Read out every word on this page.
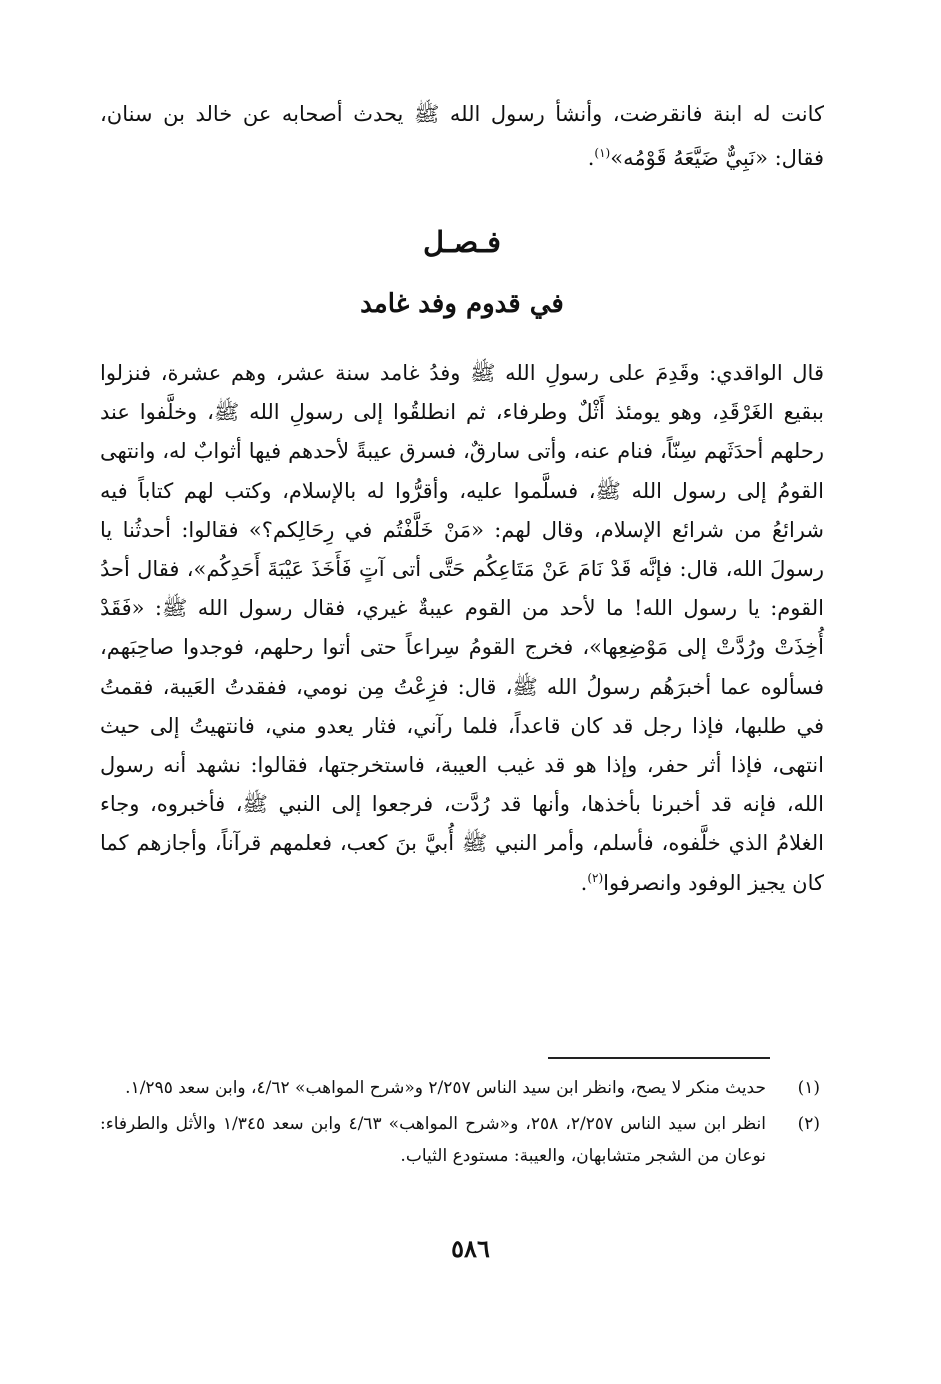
كانت له ابنة فانقرضت، وأنشأ رسول الله ﷺ يحدث أصحابه عن خالد بن سنان، فقال: «نَبِيٌّ ضَيَّعَهُ قَوْمُه»$^{(١)}$.
فـصـل
في قدوم وفد غامد

قال الواقدي: وقَدِمَ على رسولِ الله ﷺ وفدُ غامد سنة عشر، وهم عشرة، فنزلوا ببقيع الغَرْقَدِ، وهو يومئذ أَثْلٌ وطرفاء، ثم انطلقُوا إلى رسولِ الله ﷺ، وخلَّفوا عند رحلهم أحدَثَهم سِنّاً، فنام عنه، وأتى سارقٌ، فسرق عيبةً لأحدهم فيها أثوابٌ له، وانتهى القومُ إلى رسول الله ﷺ، فسلَّموا عليه، وأقرُّوا له بالإسلام، وكتب لهم كتاباً فيه شرائعُ من شرائع الإسلام، وقال لهم: «مَنْ خَلَّفْتُم في رِحَالِكم؟» فقالوا: أحدثُنا يا رسولَ الله، قال: فإنَّه قَدْ نَامَ عَنْ مَتَاعِكُم حَتَّى أتى آتٍ فَأَخَذَ عَيْبَةَ أَحَدِكُم»، فقال أحدُ القوم: يا رسول الله! ما لأحد من القوم عيبةٌ غيري، فقال رسول الله ﷺ: «فَقَدْ أُخِذَتْ ورُدَّتْ إلى مَوْضِعِها»، فخرج القومُ سِراعاً حتى أتوا رحلهم، فوجدوا صاحِبَهم، فسألوه عما أخبرَهُم رسولُ الله ﷺ، قال: فزِعْتُ مِن نومي، ففقدتُ العَيبة، فقمتُ في طلبها، فإذا رجل قد كان قاعداً، فلما رآني، فثار يعدو مني، فانتهيتُ إلى حيث انتهى، فإذا أثر حفر، وإذا هو قد غيب العيبة، فاستخرجتها، فقالوا: نشهد أنه رسول الله، فإنه قد أخبرنا بأخذها، وأنها قد رُدَّت، فرجعوا إلى النبي ﷺ، فأخبروه، وجاء الغلامُ الذي خلَّفوه، فأسلم، وأمر النبي ﷺ أُبيَّ بنَ كعب، فعلمهم قرآناً، وأجازهم كما كان يجيز الوفود وانصرفوا$^{(٢)}$.

(١)
حديث منكر لا يصح، وانظر ابن سيد الناس ٢/٢٥٧ و«شرح المواهب» ٤/٦٢، وابن سعد ١/٢٩٥.
(٢)
انظر ابن سيد الناس ٢/٢٥٧، ٢٥٨، و«شرح المواهب» ٤/٦٣ وابن سعد ١/٣٤٥ والأثل والطرفاء: نوعان من الشجر متشابهان، والعيبة: مستودع الثياب.
٥٨٦
